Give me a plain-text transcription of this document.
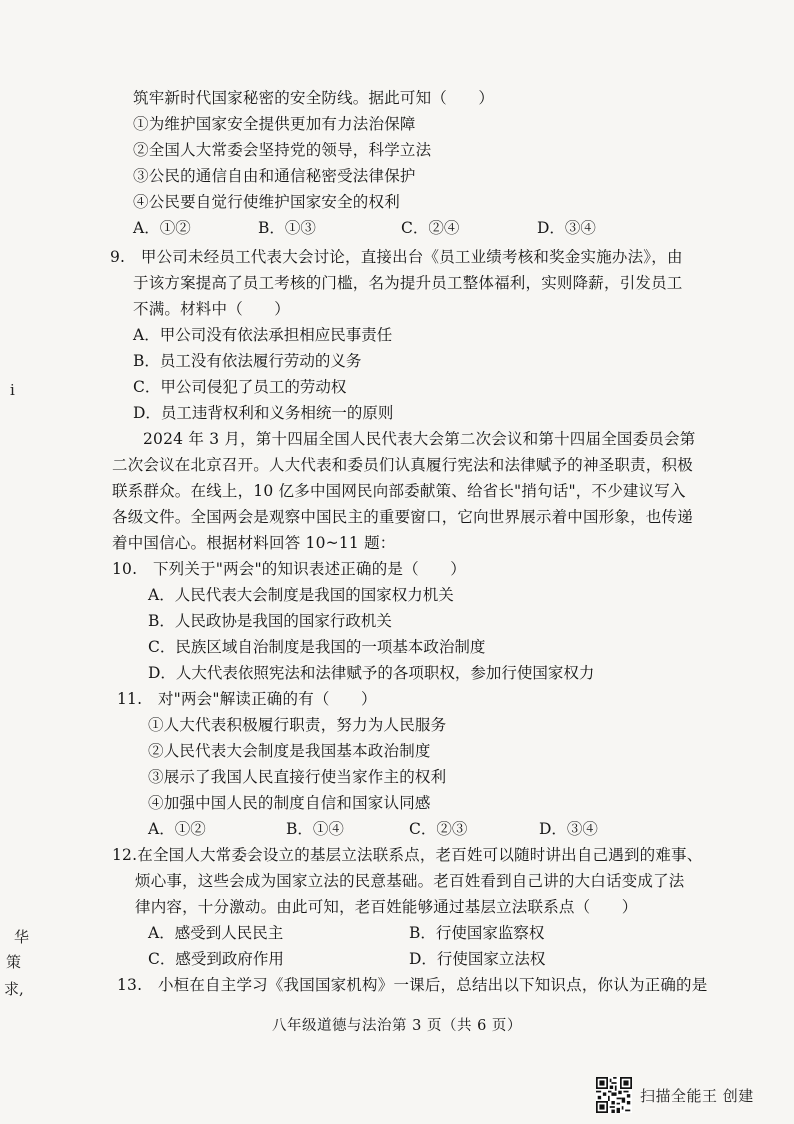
i
华
策
求,
筑牢新时代国家秘密的安全防线。据此可知（　　）
①为维护国家安全提供更加有力法治保障
②全国人大常委会坚持党的领导，科学立法
③公民的通信自由和通信秘密受法律保护
④公民要自觉行使维护国家安全的权利
A．①②	B．①③	C．②④	D．③④
9.　甲公司未经员工代表大会讨论，直接出台《员工业绩考核和奖金实施办法》，由
于该方案提高了员工考核的门槛，名为提升员工整体福利，实则降薪，引发员工
不满。材料中（　　）
A．甲公司没有依法承担相应民事责任
B．员工没有依法履行劳动的义务
C．甲公司侵犯了员工的劳动权
D．员工违背权利和义务相统一的原则
2024 年 3 月，第十四届全国人民代表大会第二次会议和第十四届全国委员会第
二次会议在北京召开。人大代表和委员们认真履行宪法和法律赋予的神圣职责，积极
联系群众。在线上，10 亿多中国网民向部委献策、给省长"捎句话"，不少建议写入
各级文件。全国两会是观察中国民主的重要窗口，它向世界展示着中国形象，也传递
着中国信心。根据材料回答 10~11 题：
10.　下列关于"两会"的知识表述正确的是（　　）
A．人民代表大会制度是我国的国家权力机关
B．人民政协是我国的国家行政机关
C．民族区域自治制度是我国的一项基本政治制度
D．人大代表依照宪法和法律赋予的各项职权，参加行使国家权力
11.　对"两会"解读正确的有（　　）
①人大代表积极履行职责，努力为人民服务
②人民代表大会制度是我国基本政治制度
③展示了我国人民直接行使当家作主的权利
④加强中国人民的制度自信和国家认同感
A．①②	B．①④	C．②③	D．③④
12.在全国人大常委会设立的基层立法联系点，老百姓可以随时讲出自己遇到的难事、
烦心事，这些会成为国家立法的民意基础。老百姓看到自己讲的大白话变成了法
律内容，十分激动。由此可知，老百姓能够通过基层立法联系点（　　）
A．感受到人民民主	B．行使国家监察权
C．感受到政府作用	D．行使国家立法权
13.　小桓在自主学习《我国国家机构》一课后，总结出以下知识点，你认为正确的是
八年级道德与法治第 3 页（共 6 页）
扫描全能王 创建
